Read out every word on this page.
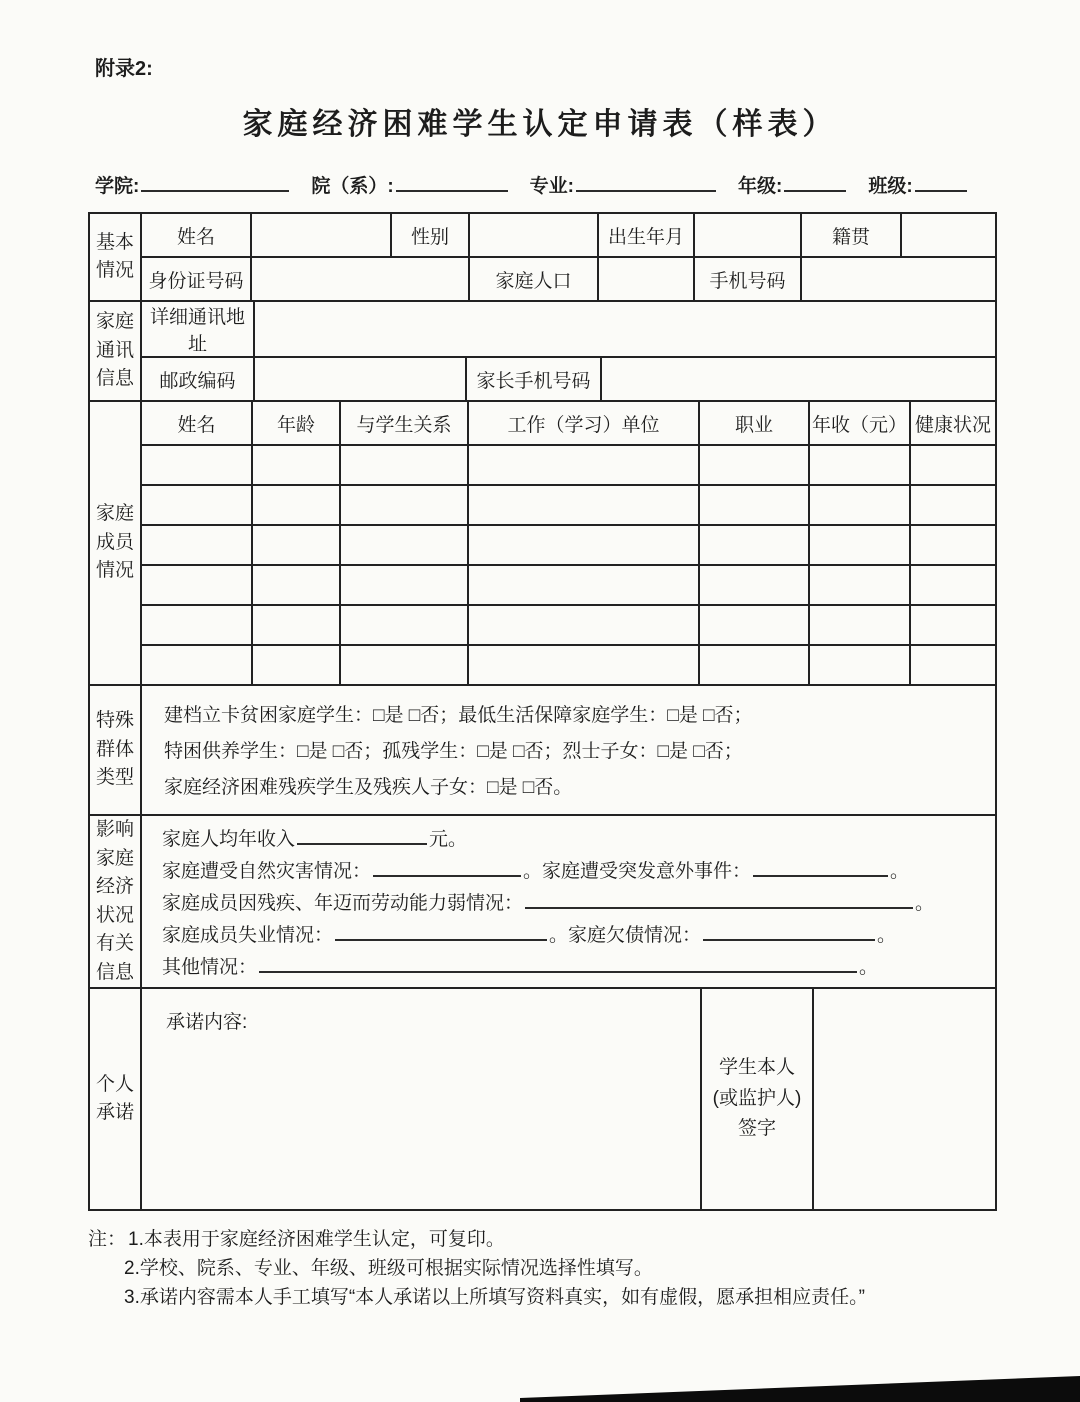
附录2:
家庭经济困难学生认定申请表（样表）
学院:	院（系）:	专业:	年级:	班级:
基本
情况	姓名		性别		出生年月		籍贯	
	身份证号码			家庭人口		手机号码		
家庭
通讯
信息	详细通讯地址			
	邮政编码		家长手机号码	
家庭
成员
情况	姓名	年龄	与学生关系	工作（学习）单位	职业	年收（元）	健康状况

特殊
群体
类型	
建档立卡贫困家庭学生：□是 □否；最低生活保障家庭学生：□是 □否；
特困供养学生：□是 □否；孤残学生：□是 □否；烈士子女：□是 □否；
家庭经济困难残疾学生及残疾人子女：□是 □否。
影响
家庭
经济
状况
有关
信息	
家庭人均年收入	元。
家庭遭受自然灾害情况：	。家庭遭受突发意外事件：	。
家庭成员因残疾、年迈而劳动能力弱情况：	。
家庭成员失业情况：	。家庭欠债情况：	。
其他情况：	。
个人
承诺	承诺内容:	学生本人
(或监护人)
签字	
注： 1.本表用于家庭经济困难学生认定，可复印。
2.学校、院系、专业、年级、班级可根据实际情况选择性填写。
3.承诺内容需本人手工填写“本人承诺以上所填写资料真实，如有虚假，愿承担相应责任。”
